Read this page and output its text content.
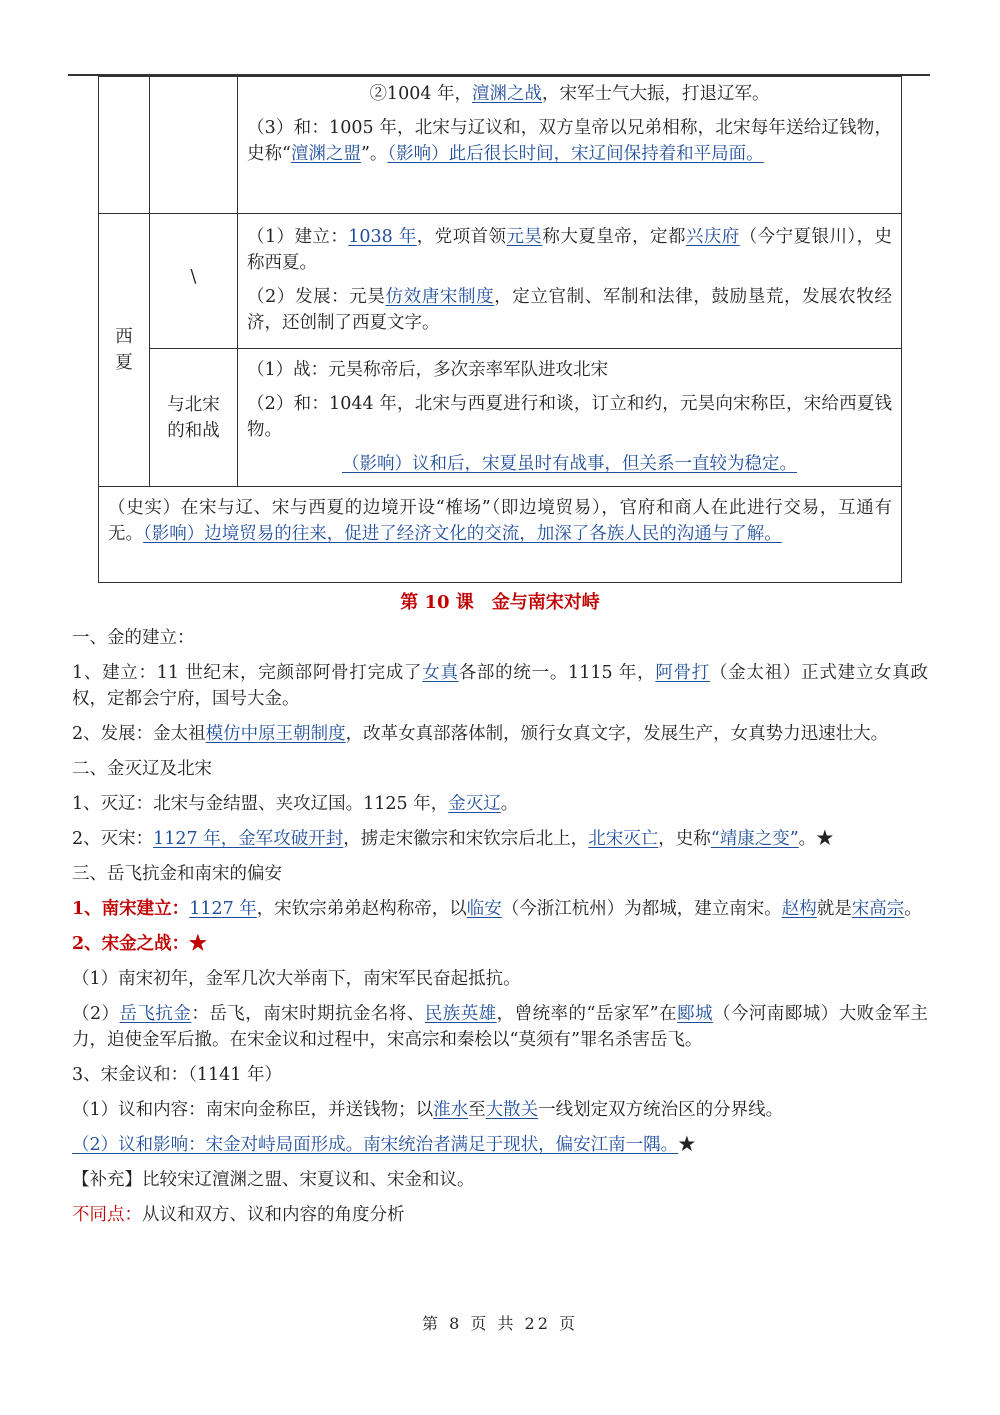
		②1004 年，澶渊之战，宋军士气大振，打退辽军。

（3）和：1005 年，北宋与辽议和，双方皇帝以兄弟相称，北宋每年送给辽钱物，史称“澶渊之盟”。（影响）此后很长时间，宋辽间保持着和平局面。

西夏	\	（1）建立：1038 年，党项首领元昊称大夏皇帝，定都兴庆府（今宁夏银川），史称西夏。

（2）发展：元昊仿效唐宋制度，定立官制、军制和法律，鼓励垦荒，发展农牧经济，还创制了西夏文字。

	与北宋的和战	（1）战：元昊称帝后，多次亲率军队进攻北宋

（2）和：1044 年，北宋与西夏进行和谈，订立和约，元昊向宋称臣，宋给西夏钱物。

（影响）议和后，宋夏虽时有战事，但关系一直较为稳定。

（史实）在宋与辽、宋与西夏的边境开设“榷场”（即边境贸易），官府和商人在此进行交易，互通有无。（影响）边境贸易的往来，促进了经济文化的交流，加深了各族人民的沟通与了解。		

第 10 课　金与南宋对峙

一、金的建立：

1、建立：11 世纪末，完颜部阿骨打完成了女真各部的统一。1115 年，阿骨打（金太祖）正式建立女真政权，定都会宁府，国号大金。

2、发展：金太祖模仿中原王朝制度，改革女真部落体制，颁行女真文字，发展生产，女真势力迅速壮大。

二、金灭辽及北宋

1、灭辽：北宋与金结盟、夹攻辽国。1125 年，金灭辽。

2、灭宋：1127 年，金军攻破开封，掳走宋徽宗和宋钦宗后北上，北宋灭亡，史称“靖康之变”。★

三、岳飞抗金和南宋的偏安

1、南宋建立：1127 年，宋钦宗弟弟赵构称帝，以临安（今浙江杭州）为都城，建立南宋。赵构就是宋高宗。

2、宋金之战：★

（1）南宋初年，金军几次大举南下，南宋军民奋起抵抗。

（2）岳飞抗金：岳飞，南宋时期抗金名将、民族英雄，曾统率的“岳家军”在郾城（今河南郾城）大败金军主力，迫使金军后撤。在宋金议和过程中，宋高宗和秦桧以“莫须有”罪名杀害岳飞。

3、宋金议和：（1141 年）

（1）议和内容：南宋向金称臣，并送钱物；以淮水至大散关一线划定双方统治区的分界线。

（2）议和影响：宋金对峙局面形成。南宋统治者满足于现状，偏安江南一隅。★

【补充】比较宋辽澶渊之盟、宋夏议和、宋金和议。

不同点：从议和双方、议和内容的角度分析

第 8 页 共 22 页
